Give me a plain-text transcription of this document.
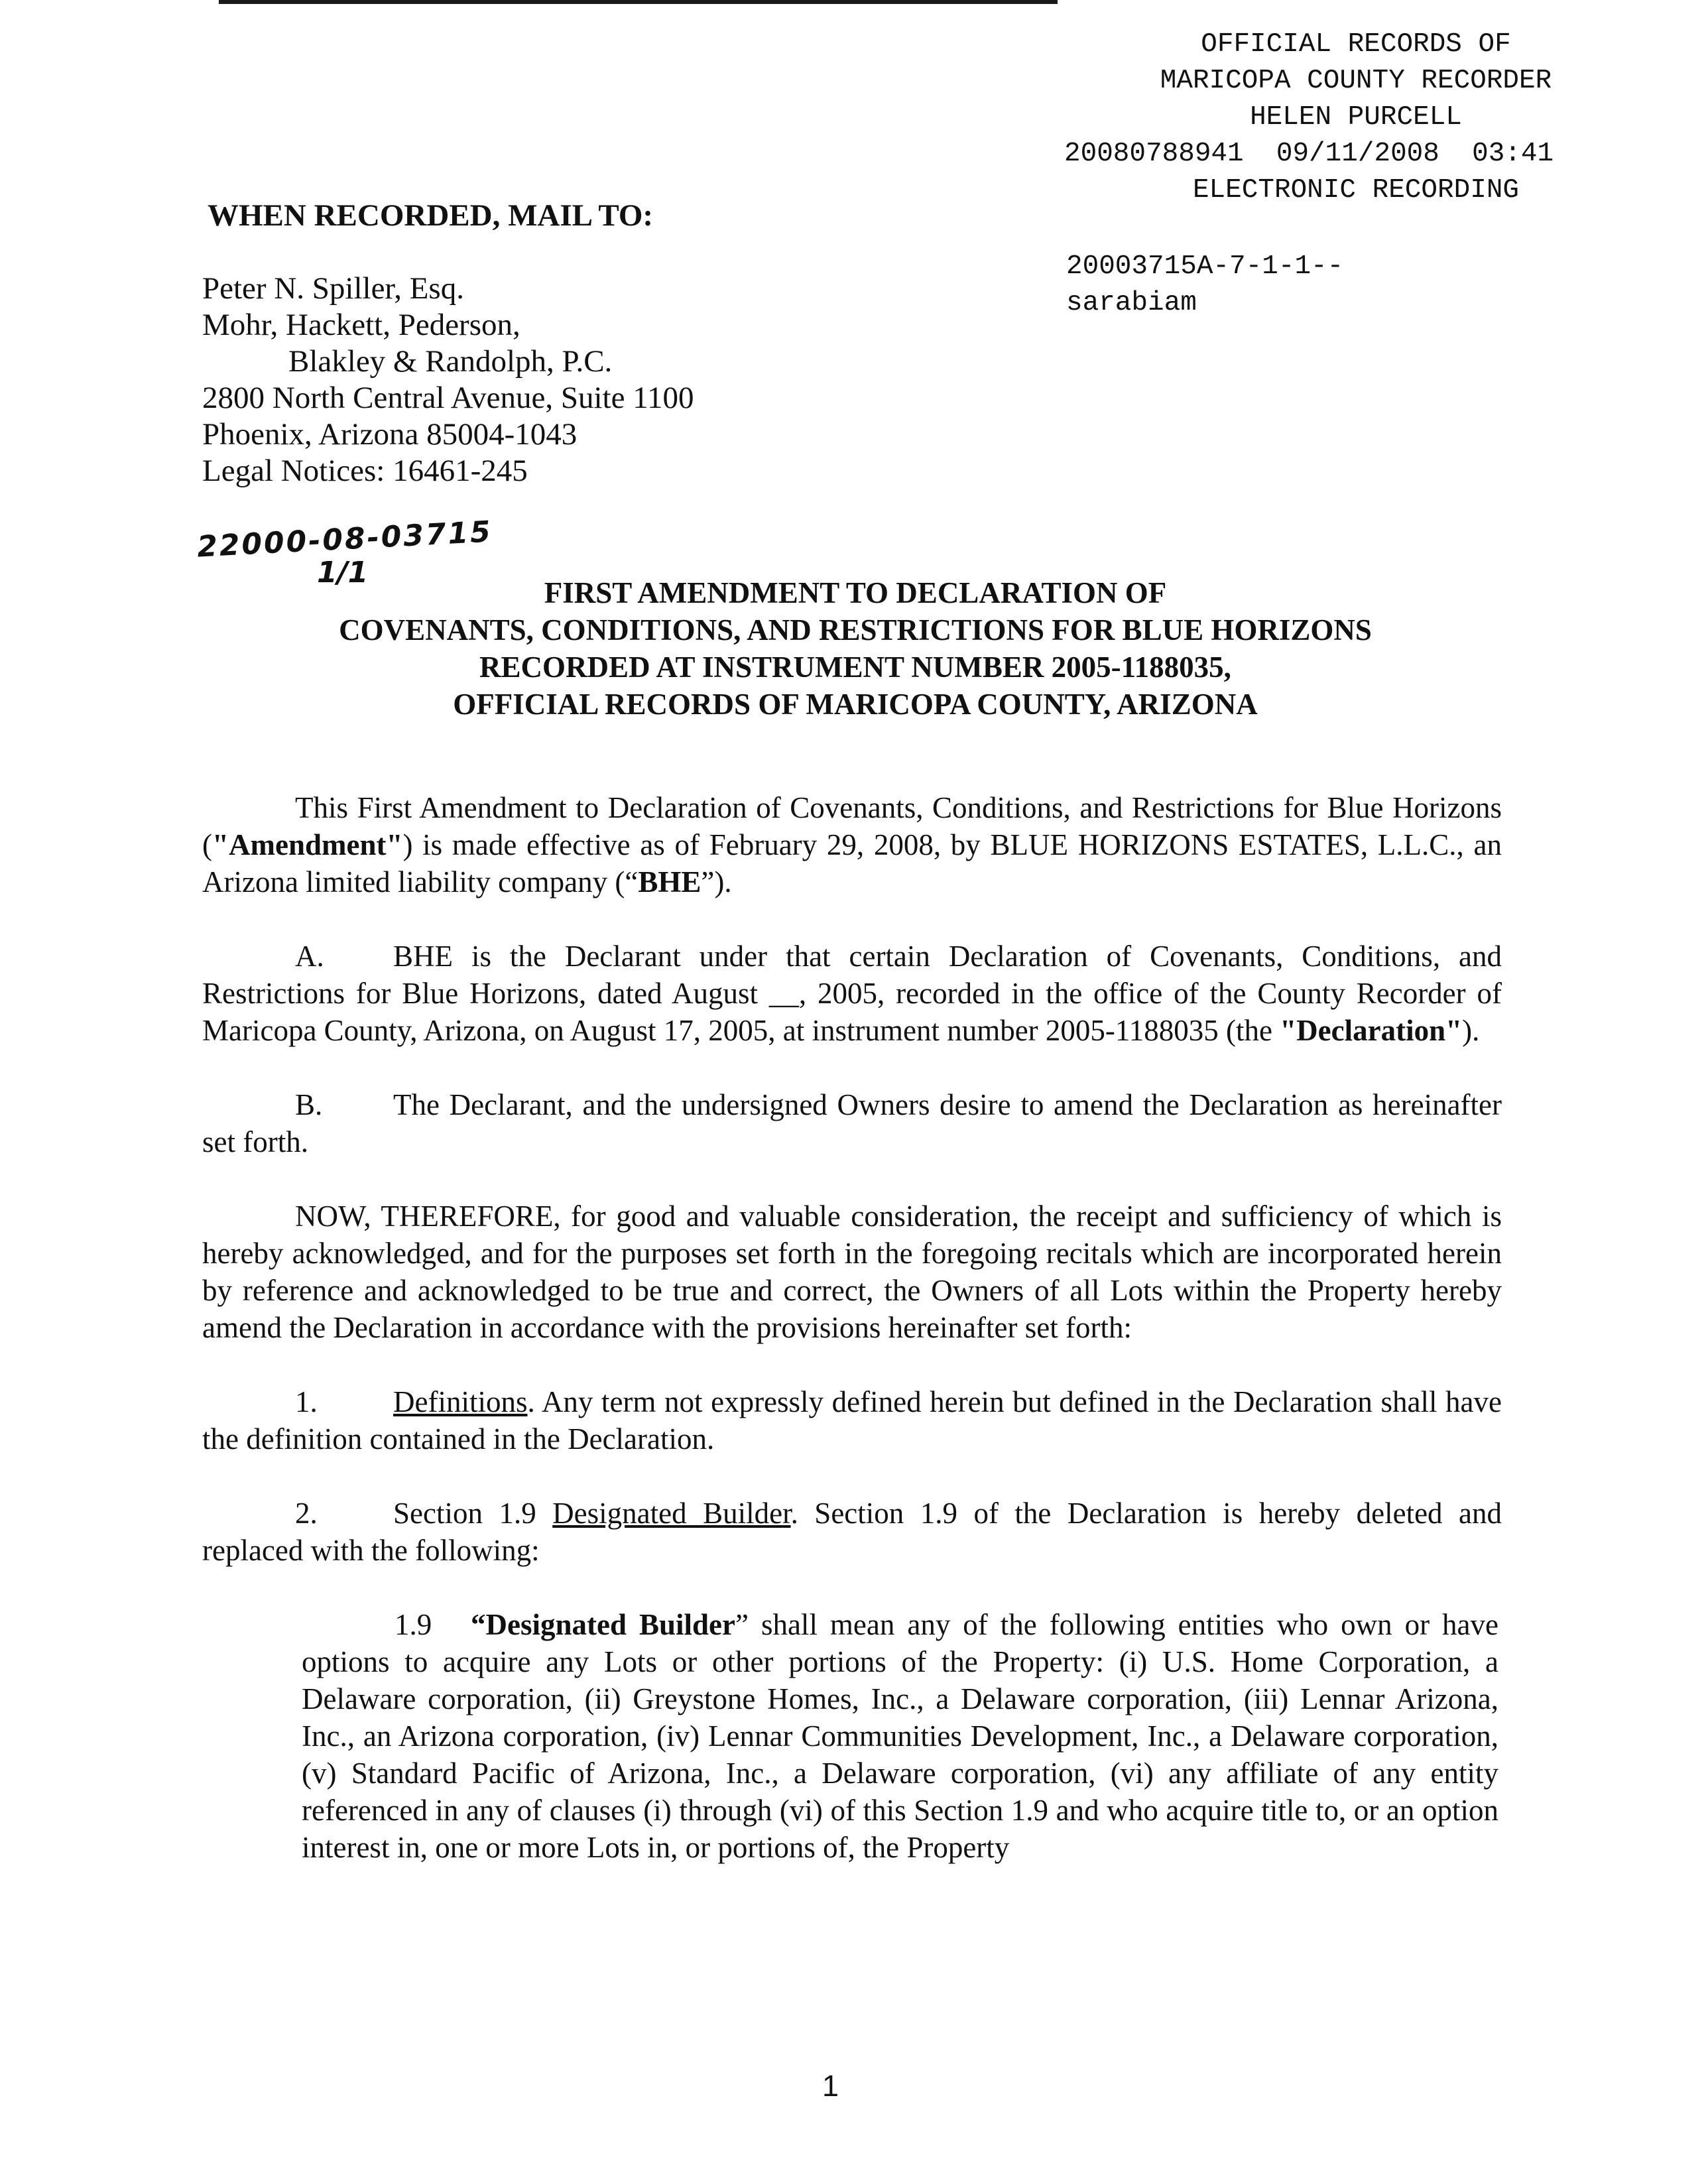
OFFICIAL RECORDS OF
MARICOPA COUNTY RECORDER
HELEN PURCELL
20080788941  09/11/2008  03:41
ELECTRONIC RECORDING
20003715A-7-1-1--
sarabiam
WHEN RECORDED, MAIL TO:
Peter N. Spiller, Esq.
Mohr, Hackett, Pederson,
Blakley & Randolph, P.C.
2800 North Central Avenue, Suite 1100
Phoenix, Arizona 85004-1043
Legal Notices: 16461-245
22000-08-03715
1/1
FIRST AMENDMENT TO DECLARATION OF
COVENANTS, CONDITIONS, AND RESTRICTIONS FOR BLUE HORIZONS
RECORDED AT INSTRUMENT NUMBER 2005-1188035,
OFFICIAL RECORDS OF MARICOPA COUNTY, ARIZONA

This First Amendment to Declaration of Covenants, Conditions, and Restrictions for Blue Horizons ("Amendment") is made effective as of February 29, 2008, by BLUE HORIZONS ESTATES, L.L.C., an Arizona limited liability company (“BHE”).

A. BHE is the Declarant under that certain Declaration of Covenants, Conditions, and Restrictions for Blue Horizons, dated August __, 2005, recorded in the office of the County Recorder of Maricopa County, Arizona, on August 17, 2005, at instrument number 2005-1188035 (the "Declaration").

B. The Declarant, and the undersigned Owners desire to amend the Declaration as hereinafter set forth.

NOW, THEREFORE, for good and valuable consideration, the receipt and sufficiency of which is hereby acknowledged, and for the purposes set forth in the foregoing recitals which are incorporated herein by reference and acknowledged to be true and correct, the Owners of all Lots within the Property hereby amend the Declaration in accordance with the provisions hereinafter set forth:

1.	Definitions. Any term not expressly defined herein but defined in the Declaration shall have the definition contained in the Declaration.

2.	Section 1.9 Designated Builder. Section 1.9 of the Declaration is hereby deleted and replaced with the following:

1.9 “Designated Builder” shall mean any of the following entities who own or have options to acquire any Lots or other portions of the Property: (i) U.S. Home Corporation, a Delaware corporation, (ii) Greystone Homes, Inc., a Delaware corporation, (iii) Lennar Arizona, Inc., an Arizona corporation, (iv) Lennar Communities Development, Inc., a Delaware corporation, (v) Standard Pacific of Arizona, Inc., a Delaware corporation, (vi) any affiliate of any entity referenced in any of clauses (i) through (vi) of this Section 1.9 and who acquire title to, or an option interest in, one or more Lots in, or portions of, the Property

1
